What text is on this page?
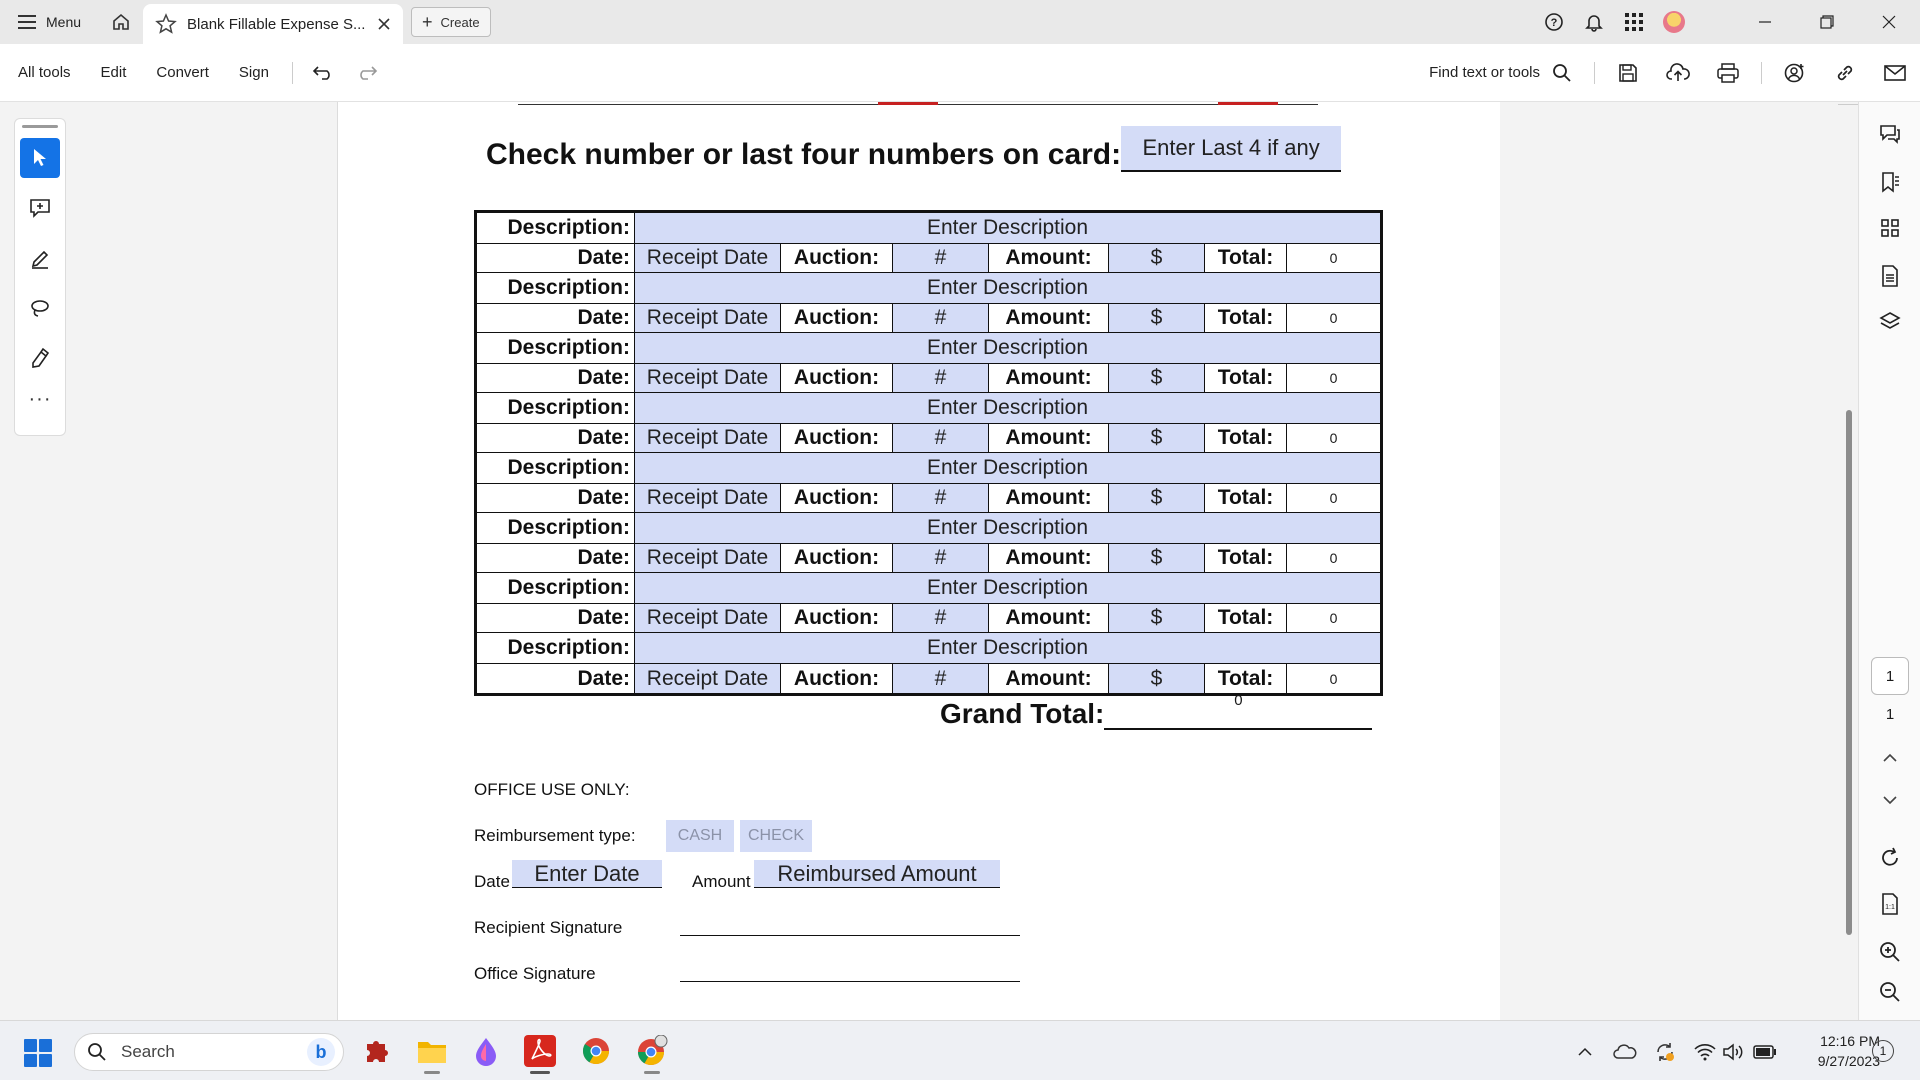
Menu	Blank Fillable Expense S...	+ Create	?
All tools	Edit	Convert	Sign	Find text or tools
···
Check number or last four numbers on card: Enter Last 4 if any
Description:	Enter Description
Date: Receipt Date	Auction:	#	Amount:	$	Total:	0
Description:	Enter Description
Date: Receipt Date	Auction:	#	Amount:	$	Total:	0
Description:	Enter Description
Date: Receipt Date	Auction:	#	Amount:	$	Total:	0
Description:	Enter Description
Date: Receipt Date	Auction:	#	Amount:	$	Total:	0
Description:	Enter Description
Date: Receipt Date	Auction:	#	Amount:	$	Total:	0
Description:	Enter Description
Date: Receipt Date	Auction:	#	Amount:	$	Total:	0
Description:	Enter Description
Date: Receipt Date	Auction:	#	Amount:	$	Total:	0
Description:	Enter Description
Date: Receipt Date	Auction:	#	Amount:	$	Total:	0
Grand Total:	0
OFFICE USE ONLY:
Reimbursement type:	CASH	CHECK
Date	Enter Date	Amount	Reimbursed Amount
Recipient Signature
Office Signature
1:1
1
1
Search	b
12:16 PM
9/27/2023
1
